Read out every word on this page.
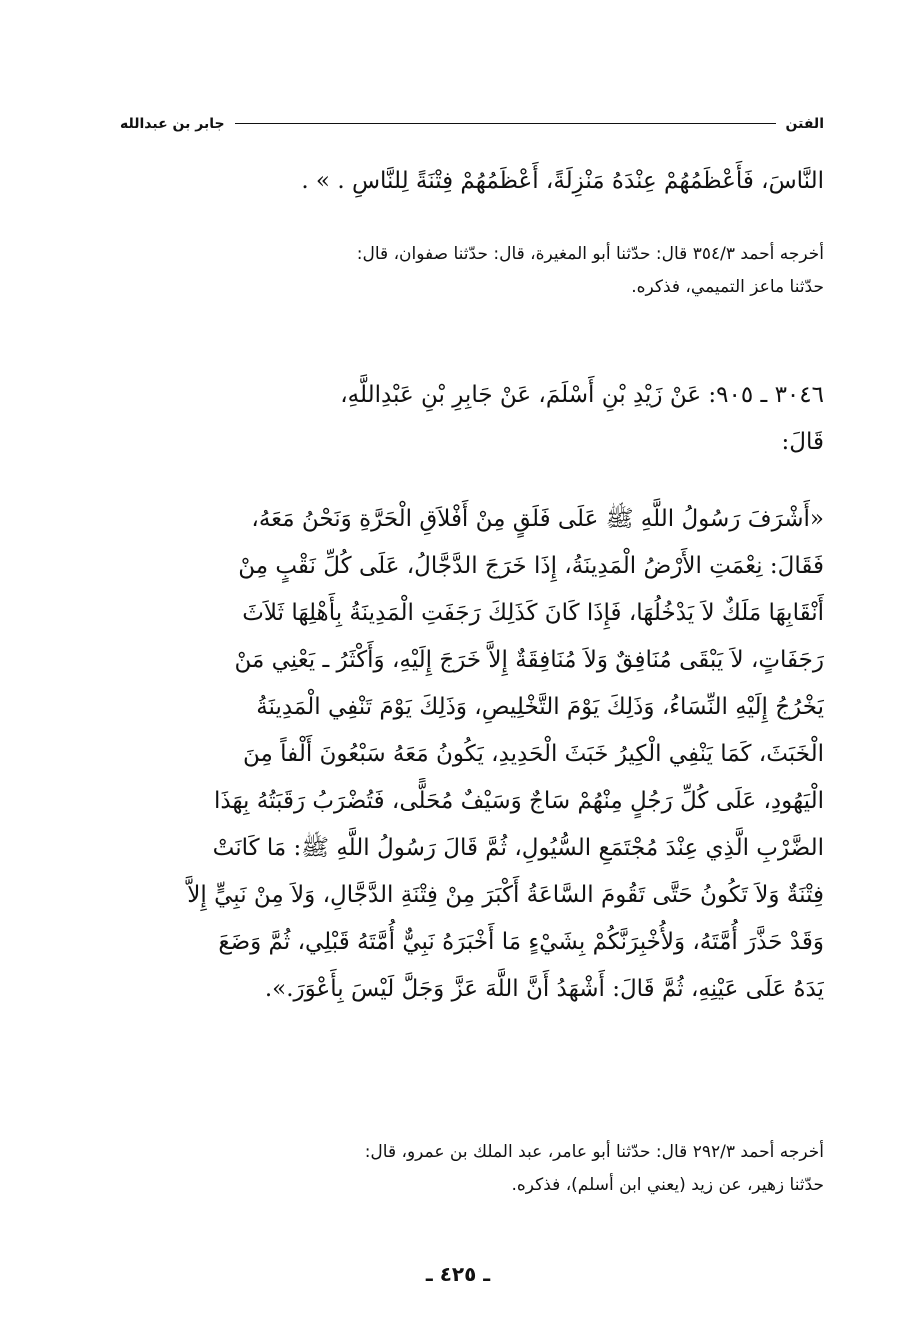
الفتن
جابر بن عبدالله
النَّاسَ، فَأَعْظَمُهُمْ عِنْدَهُ مَنْزِلَةً، أَعْظَمُهُمْ فِتْنَةً لِلنَّاسِ . » .
أخرجه أحمد ٣٥٤/٣ قال: حدّثنا أبو المغيرة، قال: حدّثنا صفوان، قال:
حدّثنا ماعز التميمي، فذكره.
٣٠٤٦ ـ ٩٠٥: عَنْ زَيْدِ بْنِ أَسْلَمَ، عَنْ جَابِرِ بْنِ عَبْدِاللَّهِ،
قَالَ:
«أَشْرَفَ رَسُولُ اللَّهِ ﷺ عَلَى فَلَقٍ مِنْ أَفْلاَقِ الْحَرَّةِ وَنَحْنُ مَعَهُ،
فَقَالَ: نِعْمَتِ الأَرْضُ الْمَدِينَةُ، إِذَا خَرَجَ الدَّجَّالُ، عَلَى كُلِّ نَقْبٍ مِنْ
أَنْقَابِهَا مَلَكٌ لاَ يَدْخُلُهَا، فَإِذَا كَانَ كَذَلِكَ رَجَفَتِ الْمَدِينَةُ بِأَهْلِهَا ثَلاَثَ
رَجَفَاتٍ، لاَ يَبْقَى مُنَافِقٌ وَلاَ مُنَافِقَةٌ إِلاَّ خَرَجَ إِلَيْهِ، وَأَكْثَرُ ـ يَعْنِي مَنْ
يَخْرُجُ إِلَيْهِ النِّسَاءُ، وَذَلِكَ يَوْمَ التَّخْلِيصِ، وَذَلِكَ يَوْمَ تَنْفِي الْمَدِينَةُ
الْخَبَثَ، كَمَا يَنْفِي الْكِيرُ خَبَثَ الْحَدِيدِ، يَكُونُ مَعَهُ سَبْعُونَ أَلْفاً مِنَ
الْيَهُودِ، عَلَى كُلِّ رَجُلٍ مِنْهُمْ سَاجٌ وَسَيْفٌ مُحَلًّى، فَتُضْرَبُ رَقَبَتُهُ بِهَذَا
الضَّرْبِ الَّذِي عِنْدَ مُجْتَمَعِ السُّيُولِ، ثُمَّ قَالَ رَسُولُ اللَّهِ ﷺ: مَا كَانَتْ
فِتْنَةٌ وَلاَ تَكُونُ حَتَّى تَقُومَ السَّاعَةُ أَكْبَرَ مِنْ فِتْنَةِ الدَّجَّالِ، وَلاَ مِنْ نَبِيٍّ إِلاَّ
وَقَدْ حَذَّرَ أُمَّتَهُ، وَلأُخْبِرَنَّكُمْ بِشَيْءٍ مَا أَخْبَرَهُ نَبِيٌّ أُمَّتَهُ قَبْلِي، ثُمَّ وَضَعَ
يَدَهُ عَلَى عَيْنِهِ، ثُمَّ قَالَ: أَشْهَدُ أَنَّ اللَّهَ عَزَّ وَجَلَّ لَيْسَ بِأَعْوَرَ.».
أخرجه أحمد ٢٩٢/٣ قال: حدّثنا أبو عامر، عبد الملك بن عمرو، قال:
حدّثنا زهير، عن زيد (يعني ابن أسلم)، فذكره.
ـ ٤٢٥ ـ
